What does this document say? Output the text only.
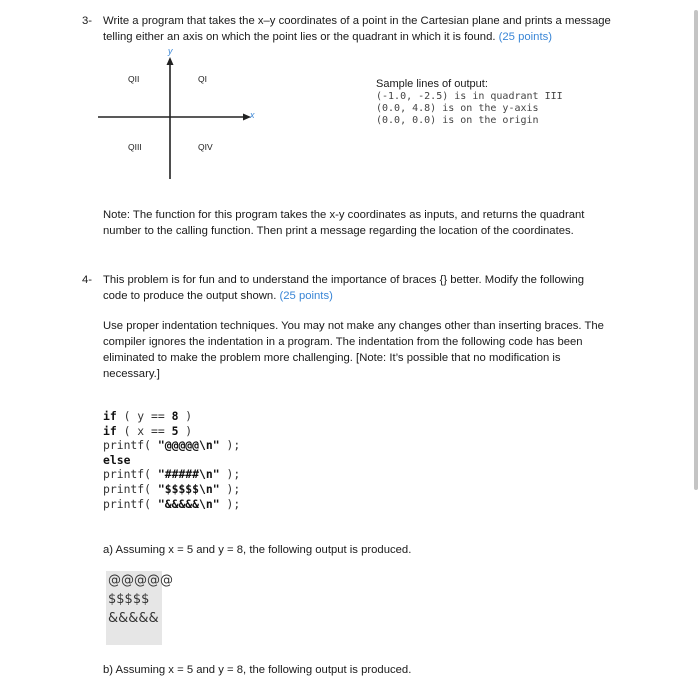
3- Write a program that takes the x–y coordinates of a point in the Cartesian plane and prints a message
telling either an axis on which the point lies or the quadrant in which it is found. (25 points)
y
x
QII	QI
QIII	QIV
Sample lines of output:
(-1.0, -2.5) is in quadrant III
(0.0, 4.8) is on the y-axis
(0.0, 0.0) is on the origin
Note: The function for this program takes the x-y coordinates as inputs, and returns the quadrant
number to the calling function. Then print a message regarding the location of the coordinates.
4- This problem is for fun and to understand the importance of braces {} better. Modify the following
code to produce the output shown. (25 points)
Use proper indentation techniques. You may not make any changes other than inserting braces. The
compiler ignores the indentation in a program. The indentation from the following code has been
eliminated to make the problem more challenging. [Note: It’s possible that no modification is
necessary.]
if ( y == 8 )
if ( x == 5 )
printf( "@@@@@\n" );
else
printf( "#####\n" );
printf( "$$$$$\n" );
printf( "&&&&&\n" );
a) Assuming x = 5 and y = 8, the following output is produced.
@@@@@
$$$$$
&&&&&
b) Assuming x = 5 and y = 8, the following output is produced.
